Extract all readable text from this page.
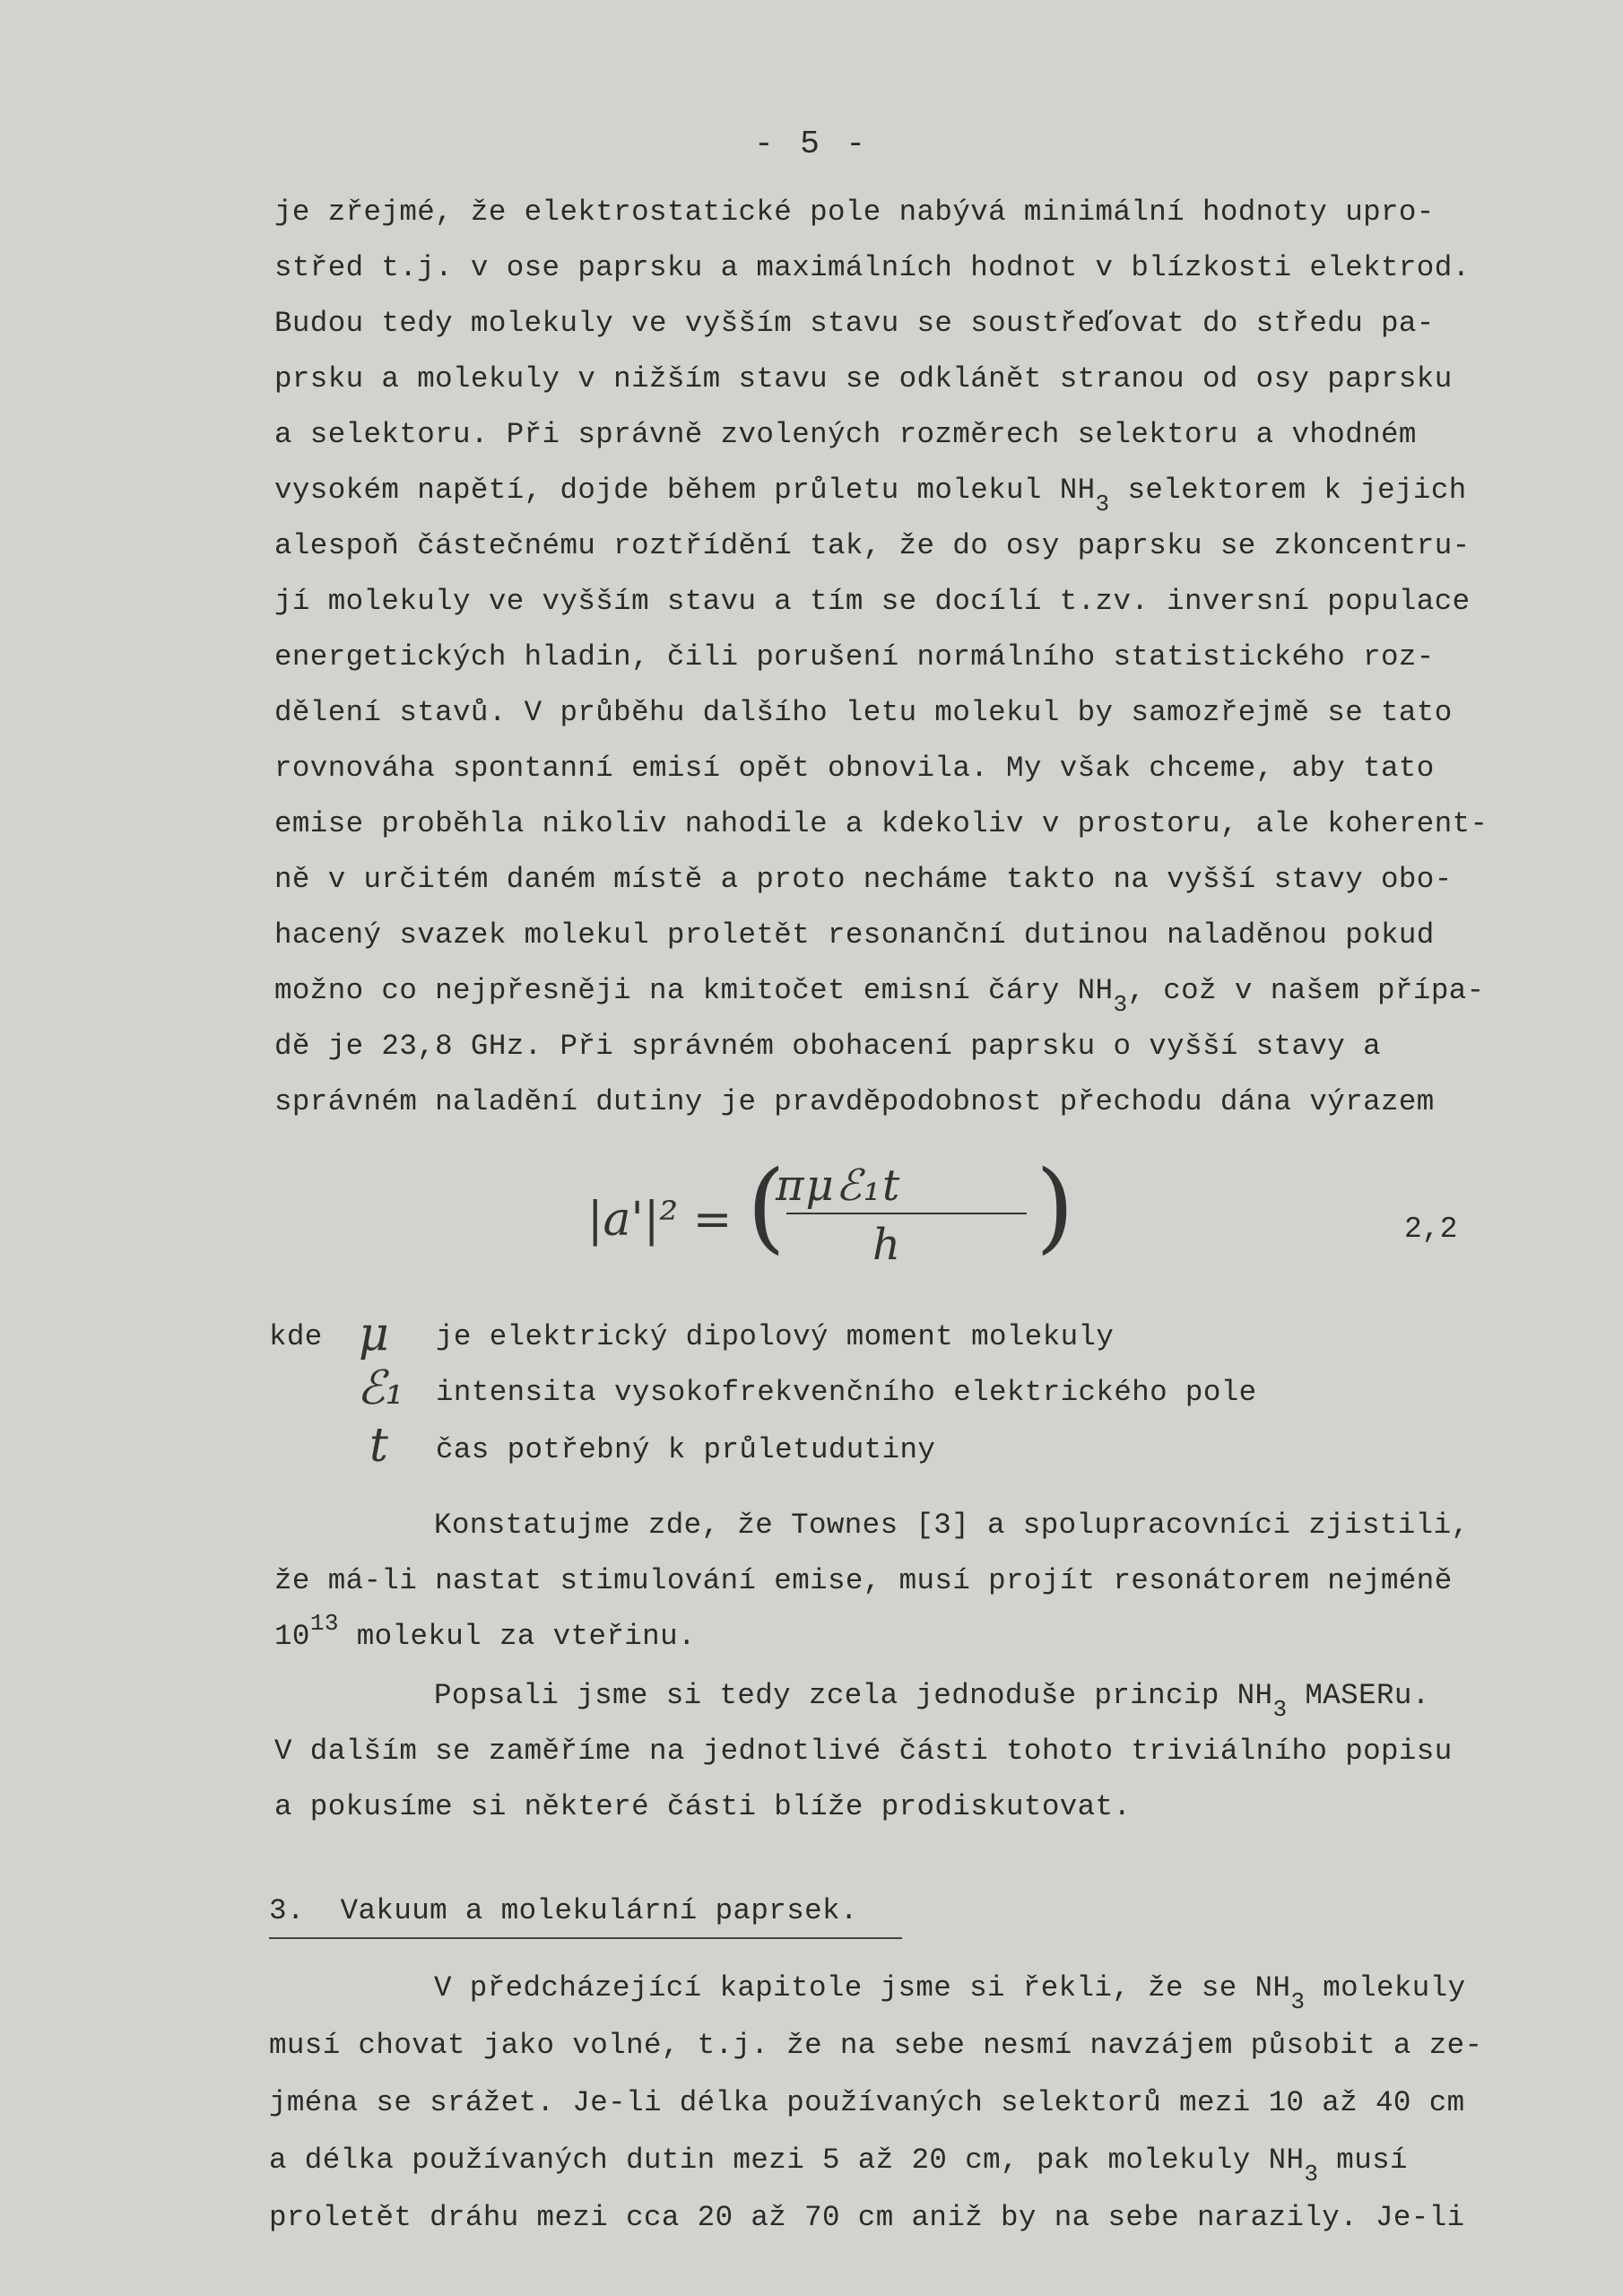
- 5 -
je zřejmé, že elektrostatické pole nabývá minimální hodnoty upro-
střed t.j. v ose paprsku a maximálních hodnot v blízkosti elektrod.
Budou tedy molekuly ve vyšším stavu se soustřeďovat do středu pa-
prsku a molekuly v nižším stavu se odklánět stranou od osy paprsku
a selektoru. Při správně zvolených rozměrech selektoru a vhodném
vysokém napětí, dojde během průletu molekul $NH_3$ selektorem k jejich
alespoň částečnému roztřídění tak, že do osy paprsku se zkoncentru-
jí molekuly ve vyšším stavu a tím se docílí t.zv. inversní populace
energetických hladin, čili porušení normálního statistického roz-
dělení stavů. V průběhu dalšího letu molekul by samozřejmě se tato
rovnováha spontanní emisí opět obnovila. My však chceme, aby tato
emise proběhla nikoliv nahodile a kdekoliv v prostoru, ale koherent-
ně v určitém daném místě a proto necháme takto na vyšší stavy obo-
hacený svazek molekul proletět resonanční dutinou naladěnou pokud
možno co nejpřesněji na kmitočet emisní čáry $NH_3$, což v našem přípa-
dě je 23,8 GHz. Při správném obohacení paprsku o vyšší stavy a
správném naladění dutiny je pravděpodobnost přechodu dána výrazem
|a'|² = (
πμℰ₁t
h )	2,2
kde μ
ℰ₁
t
je elektrický dipolový moment molekuly
intensita vysokofrekvenčního elektrického pole
čas potřebný k průletudutiny
Konstatujme zde, že Townes [3] a spolupracovníci zjistili,
že má-li nastat stimulování emise, musí projít resonátorem nejméně
$10^{13}$ molekul za vteřinu.
Popsali jsme si tedy zcela jednoduše princip $NH_3$ MASERu.
V dalším se zaměříme na jednotlivé části tohoto triviálního popisu
a pokusíme si některé části blíže prodiskutovat.
3.  Vakuum a molekulární paprsek.
V předcházející kapitole jsme si řekli, že se $NH_3$ molekuly
musí chovat jako volné, t.j. že na sebe nesmí navzájem působit a ze-
jména se srážet. Je-li délka používaných selektorů mezi 10 až 40 cm
a délka používaných dutin mezi 5 až 20 cm, pak molekuly $NH_3$ musí
proletět dráhu mezi cca 20 až 70 cm aniž by na sebe narazily. Je-li
